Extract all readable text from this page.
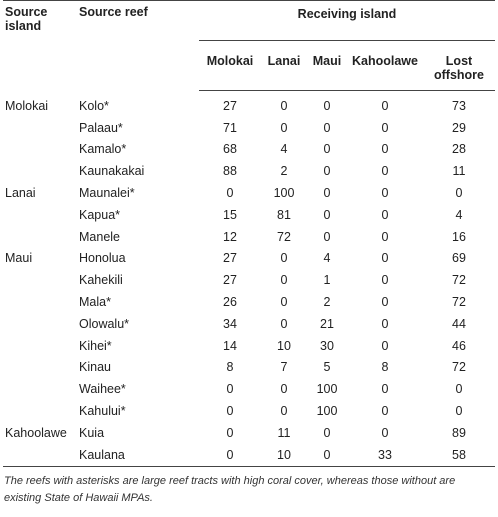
Source island	Source reef	Receiving island				
		Molokai	Lanai	Maui	Kahoolawe	Lost offshore
Molokai	Kolo*	27	0	0	0	73
	Palaau*	71	0	0	0	29
	Kamalo*	68	4	0	0	28
	Kaunakakai	88	2	0	0	11
Lanai	Maunalei*	0	100	0	0	0
	Kapua*	15	81	0	0	4
	Manele	12	72	0	0	16
Maui	Honolua	27	0	4	0	69
	Kahekili	27	0	1	0	72
	Mala*	26	0	2	0	72
	Olowalu*	34	0	21	0	44
	Kihei*	14	10	30	0	46
	Kinau	8	7	5	8	72
	Waihee*	0	0	100	0	0
	Kahului*	0	0	100	0	0
Kahoolawe	Kuia	0	11	0	0	89
	Kaulana	0	10	0	33	58
The reefs with asterisks are large reef tracts with high coral cover, whereas those without are existing State of Hawaii MPAs.
